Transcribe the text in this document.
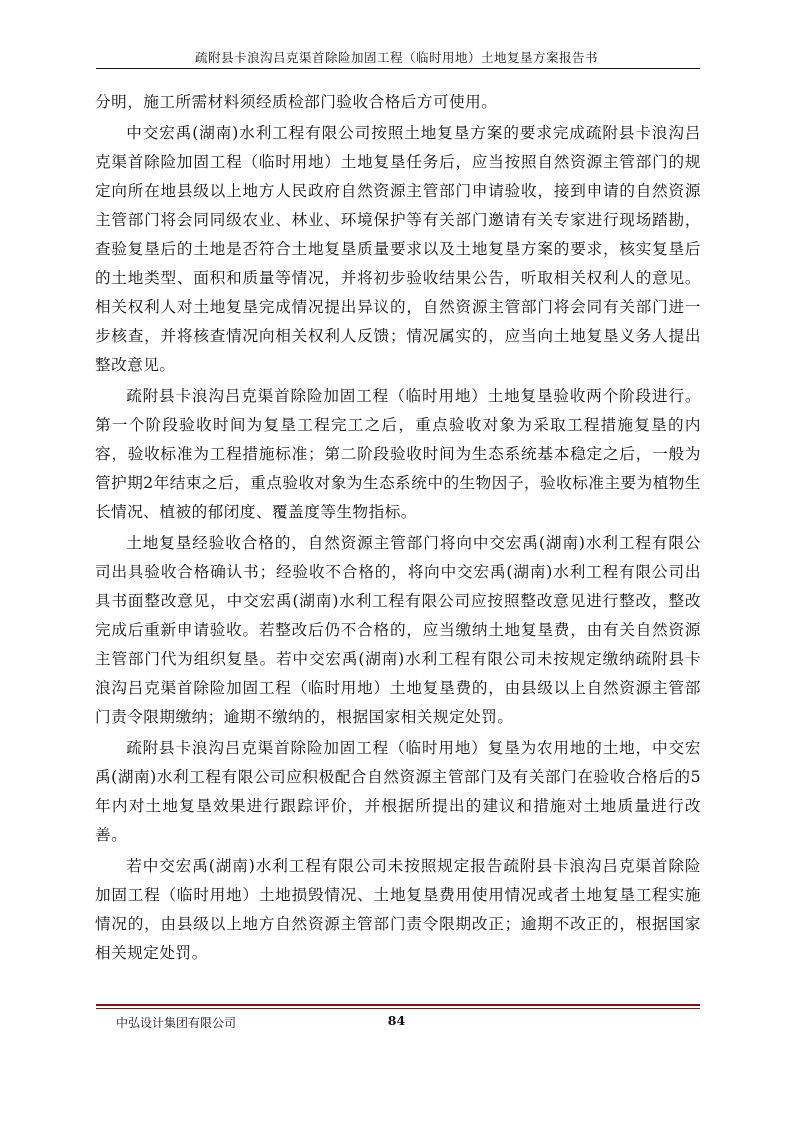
疏附县卡浪沟吕克渠首除险加固工程（临时用地）土地复垦方案报告书

分明，施工所需材料须经质检部门验收合格后方可使用。

中交宏禹(湖南)水利工程有限公司按照土地复垦方案的要求完成疏附县卡浪沟吕克渠首除险加固工程（临时用地）土地复垦任务后，应当按照自然资源主管部门的规定向所在地县级以上地方人民政府自然资源主管部门申请验收，接到申请的自然资源主管部门将会同同级农业、林业、环境保护等有关部门邀请有关专家进行现场踏勘，查验复垦后的土地是否符合土地复垦质量要求以及土地复垦方案的要求，核实复垦后的土地类型、面积和质量等情况，并将初步验收结果公告，听取相关权利人的意见。相关权利人对土地复垦完成情况提出异议的，自然资源主管部门将会同有关部门进一步核查，并将核查情况向相关权利人反馈；情况属实的，应当向土地复垦义务人提出整改意见。

疏附县卡浪沟吕克渠首除险加固工程（临时用地）土地复垦验收两个阶段进行。第一个阶段验收时间为复垦工程完工之后，重点验收对象为采取工程措施复垦的内容，验收标准为工程措施标准；第二阶段验收时间为生态系统基本稳定之后，一般为管护期2年结束之后，重点验收对象为生态系统中的生物因子，验收标准主要为植物生长情况、植被的郁闭度、覆盖度等生物指标。

土地复垦经验收合格的，自然资源主管部门将向中交宏禹(湖南)水利工程有限公司出具验收合格确认书；经验收不合格的，将向中交宏禹(湖南)水利工程有限公司出具书面整改意见，中交宏禹(湖南)水利工程有限公司应按照整改意见进行整改，整改完成后重新申请验收。若整改后仍不合格的，应当缴纳土地复垦费，由有关自然资源主管部门代为组织复垦。若中交宏禹(湖南)水利工程有限公司未按规定缴纳疏附县卡浪沟吕克渠首除险加固工程（临时用地）土地复垦费的，由县级以上自然资源主管部门责令限期缴纳；逾期不缴纳的，根据国家相关规定处罚。

疏附县卡浪沟吕克渠首除险加固工程（临时用地）复垦为农用地的土地，中交宏禹(湖南)水利工程有限公司应积极配合自然资源主管部门及有关部门在验收合格后的5年内对土地复垦效果进行跟踪评价，并根据所提出的建议和措施对土地质量进行改善。

若中交宏禹(湖南)水利工程有限公司未按照规定报告疏附县卡浪沟吕克渠首除险加固工程（临时用地）土地损毁情况、土地复垦费用使用情况或者土地复垦工程实施情况的，由县级以上地方自然资源主管部门责令限期改正；逾期不改正的，根据国家相关规定处罚。

中弘设计集团有限公司	84
